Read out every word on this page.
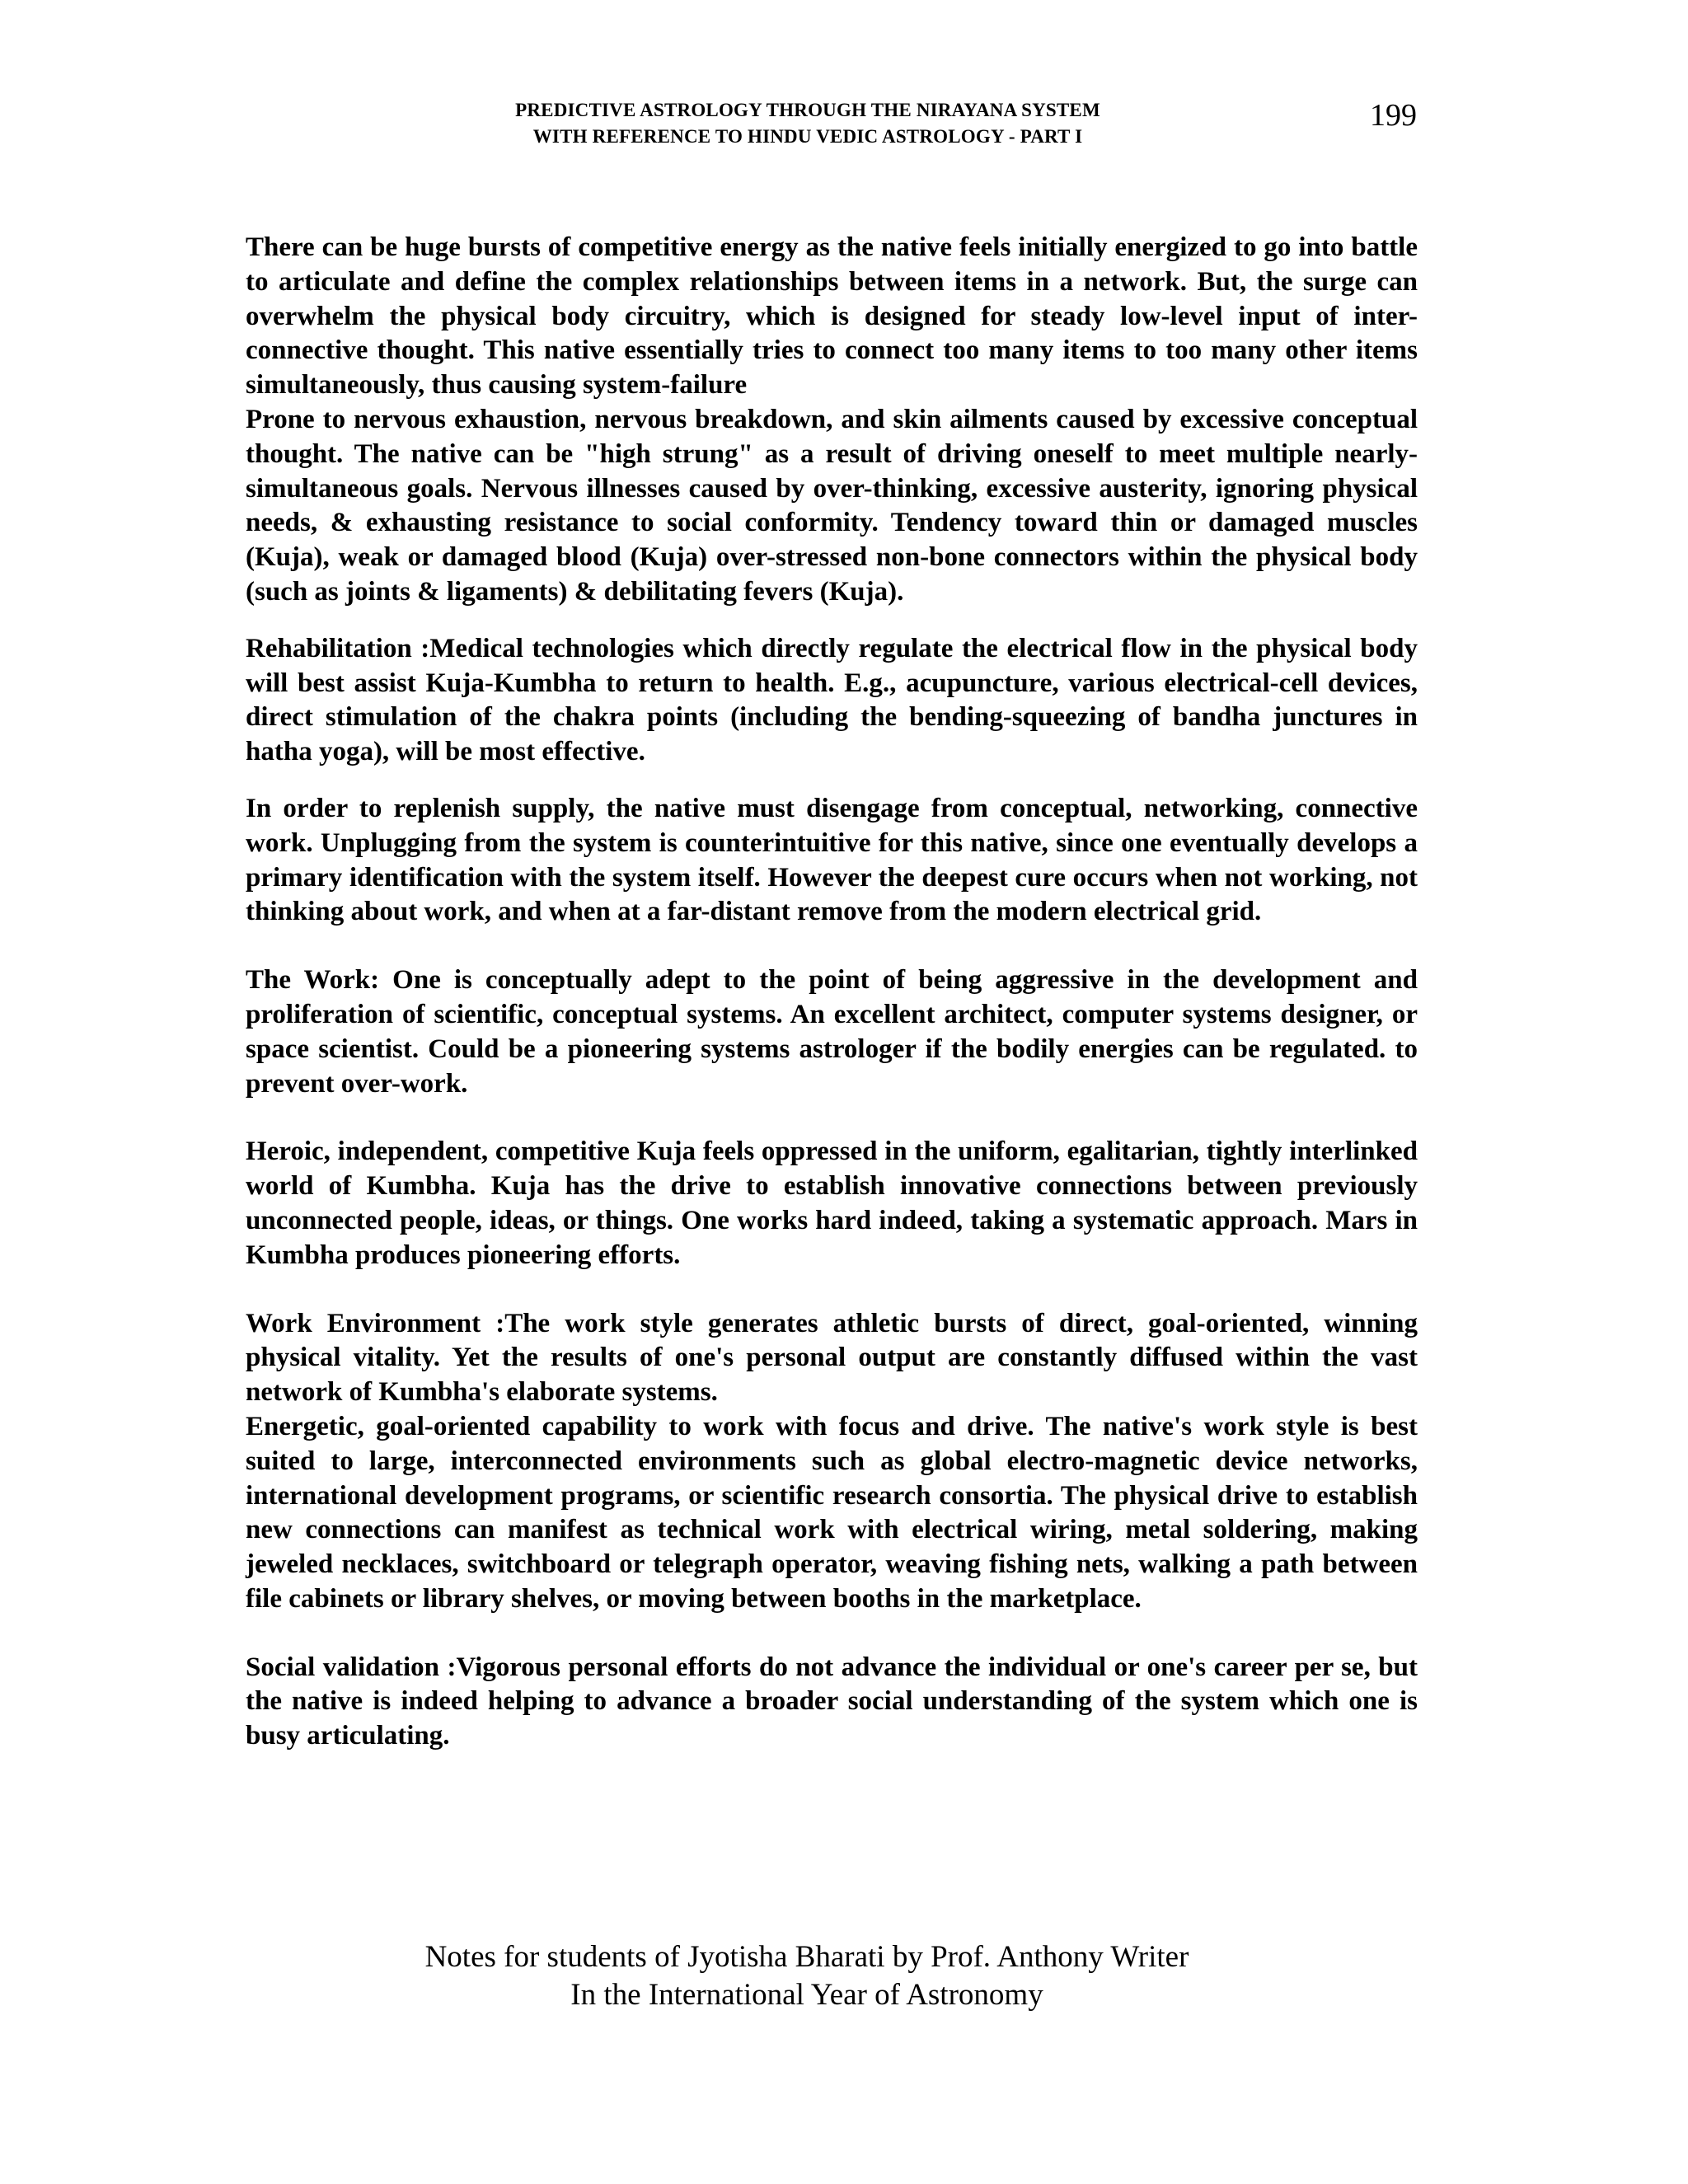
PREDICTIVE ASTROLOGY THROUGH THE NIRAYANA SYSTEM
WITH REFERENCE TO HINDU VEDIC ASTROLOGY - PART I
199

There can be huge bursts of competitive energy as the native feels initially energized to go into battle to articulate and define the complex relationships between items in a network. But, the surge can overwhelm the physical body circuitry, which is designed for steady low-level input of inter-connective thought. This native essentially tries to connect too many items to too many other items simultaneously, thus causing system-failure

Prone to nervous exhaustion, nervous breakdown, and skin ailments caused by excessive conceptual thought. The native can be "high strung" as a result of driving oneself to meet multiple nearly-simultaneous goals. Nervous illnesses caused by over-thinking, excessive austerity, ignoring physical needs, & exhausting resistance to social conformity. Tendency toward thin or damaged muscles (Kuja), weak or damaged blood (Kuja) over-stressed non-bone connectors within the physical body (such as joints & ligaments) & debilitating fevers (Kuja).

Rehabilitation :Medical technologies which directly regulate the electrical flow in the physical body will best assist Kuja-Kumbha to return to health. E.g., acupuncture, various electrical-cell devices, direct stimulation of the chakra points (including the bending-squeezing of bandha junctures in hatha yoga), will be most effective.

In order to replenish supply, the native must disengage from conceptual, networking, connective work. Unplugging from the system is counterintuitive for this native, since one eventually develops a primary identification with the system itself. However the deepest cure occurs when not working, not thinking about work, and when at a far-distant remove from the modern electrical grid.

The Work: One is conceptually adept to the point of being aggressive in the development and proliferation of scientific, conceptual systems. An excellent architect, computer systems designer, or space scientist. Could be a pioneering systems astrologer if the bodily energies can be regulated. to prevent over-work.

Heroic, independent, competitive Kuja feels oppressed in the uniform, egalitarian, tightly interlinked world of Kumbha. Kuja has the drive to establish innovative connections between previously unconnected people, ideas, or things. One works hard indeed, taking a systematic approach. Mars in Kumbha produces pioneering efforts.

Work Environment :The work style generates athletic bursts of direct, goal-oriented, winning physical vitality. Yet the results of one's personal output are constantly diffused within the vast network of Kumbha's elaborate systems.

Energetic, goal-oriented capability to work with focus and drive. The native's work style is best suited to large, interconnected environments such as global electro-magnetic device networks, international development programs, or scientific research consortia. The physical drive to establish new connections can manifest as technical work with electrical wiring, metal soldering, making jeweled necklaces, switchboard or telegraph operator, weaving fishing nets, walking a path between file cabinets or library shelves, or moving between booths in the marketplace.

Social validation :Vigorous personal efforts do not advance the individual or one's career per se, but the native is indeed helping to advance a broader social understanding of the system which one is busy articulating.

Notes for students of Jyotisha Bharati by Prof. Anthony Writer
In the International Year of Astronomy
